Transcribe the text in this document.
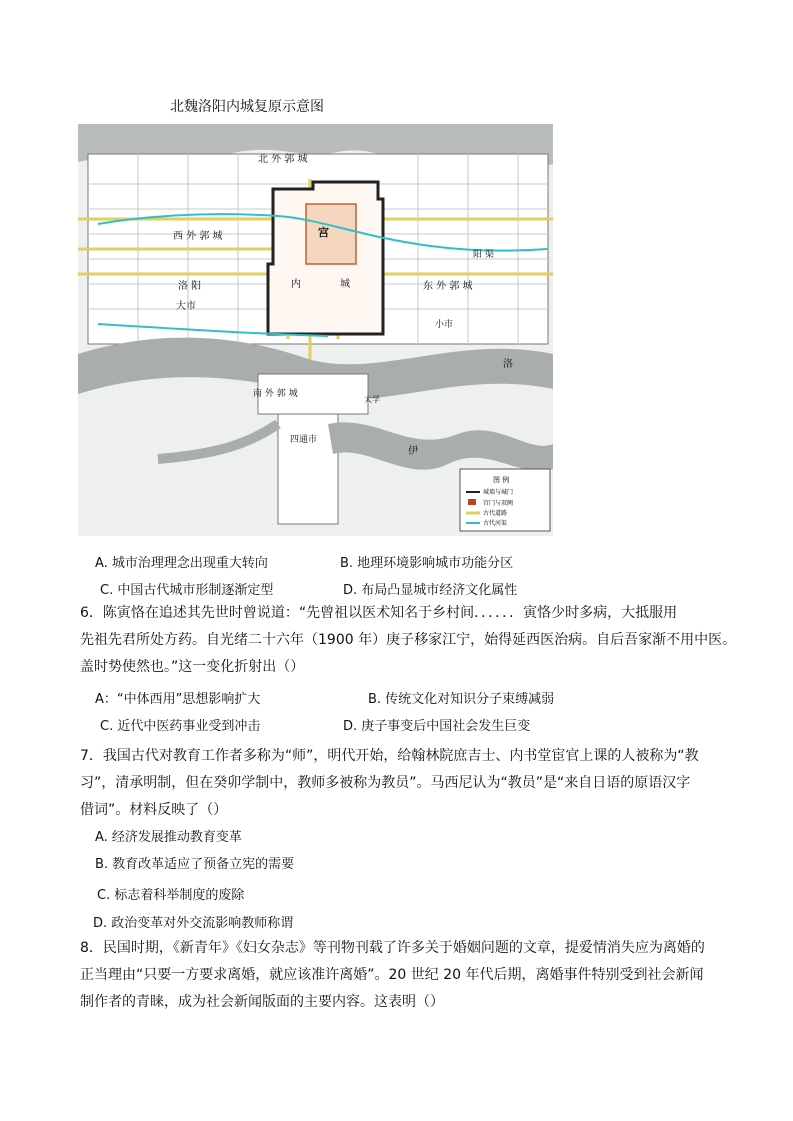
北魏洛阳内城复原示意图
图 例
城墙与城门
宫门与双阙
古代道路
古代河渠
北 外 郭 城
西 外 郭 城
东 外 郭 城
南 外 郭 城
宫
内	城
洛 阳
大市
小市
四通市
洛
伊
阳 渠
太学
A. 城市治理理念出现重大转向	B. 地理环境影响城市功能分区
C. 中国古代城市形制逐渐定型	D. 布局凸显城市经济文化属性
6．陈寅恪在追述其先世时曾说道：“先曾祖以医术知名于乡村间．．．．．．寅恪少时多病，大抵服用
先祖先君所处方药。自光绪二十六年（1900 年）庚子移家江宁，始得延西医治病。自后吾家渐不用中医。
盖时势使然也。”这一变化折射出（）
A：“中体西用”思想影响扩大	B. 传统文化对知识分子束缚减弱
C. 近代中医药事业受到冲击	D. 庚子事变后中国社会发生巨变
7．我国古代对教育工作者多称为“师”，明代开始，给翰林院庶吉士、内书堂宦官上课的人被称为“教
习”，清承明制，但在癸卯学制中，教师多被称为教员”。马西尼认为“教员”是“来自日语的原语汉字
借词”。材料反映了（）
A. 经济发展推动教育变革
B. 教育改革适应了预备立宪的需要
C. 标志着科举制度的废除
D. 政治变革对外交流影响教师称谓
8．民国时期，《新青年》《妇女杂志》等刊物刊载了许多关于婚姻问题的文章，提爱情消失应为离婚的
正当理由“只要一方要求离婚，就应该准许离婚”。20 世纪 20 年代后期，离婚事件特别受到社会新闻
制作者的青睐，成为社会新闻版面的主要内容。这表明（）
